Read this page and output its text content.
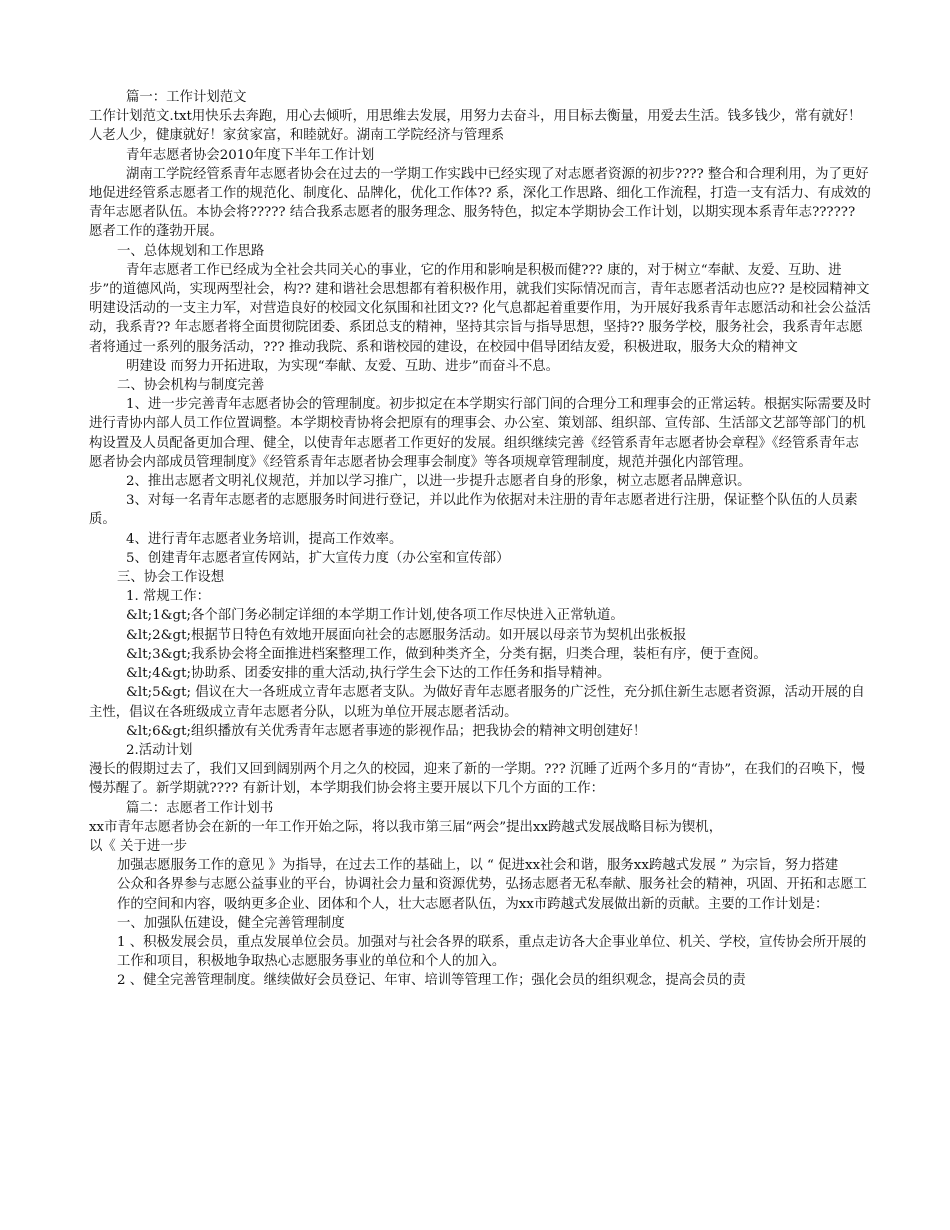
篇一：工作计划范文

工作计划范文.txt用快乐去奔跑，用心去倾听，用思维去发展，用努力去奋斗，用目标去衡量，用爱去生活。钱多钱少，常有就好！人老人少，健康就好！家贫家富，和睦就好。湖南工学院经济与管理系

青年志愿者协会2010年度下半年工作计划

湖南工学院经管系青年志愿者协会在过去的一学期工作实践中已经实现了对志愿者资源的初步???? 整合和合理利用，为了更好地促进经管系志愿者工作的规范化、制度化、品牌化，优化工作体?? 系，深化工作思路、细化工作流程，打造一支有活力、有成效的青年志愿者队伍。本协会将????? 结合我系志愿者的服务理念、服务特色，拟定本学期协会工作计划，以期实现本系青年志?????? 愿者工作的蓬勃开展。

一、总体规划和工作思路

青年志愿者工作已经成为全社会共同关心的事业，它的作用和影响是积极而健??? 康的，对于树立“奉献、友爱、互助、进步”的道德风尚，实现两型社会，构?? 建和谐社会思想都有着积极作用，就我们实际情况而言，青年志愿者活动也应?? 是校园精神文明建设活动的一支主力军，对营造良好的校园文化氛围和社团文?? 化气息都起着重要作用，为开展好我系青年志愿活动和社会公益活动，我系青?? 年志愿者将全面贯彻院团委、系团总支的精神，坚持其宗旨与指导思想，坚持?? 服务学校，服务社会，我系青年志愿者将通过一系列的服务活动，??? 推动我院、系和谐校园的建设，在校园中倡导团结友爱，积极进取，服务大众的精神文

明建设 而努力开拓进取，为实现“奉献、友爱、互助、进步”而奋斗不息。

二、协会机构与制度完善

1、进一步完善青年志愿者协会的管理制度。初步拟定在本学期实行部门间的合理分工和理事会的正常运转。根据实际需要及时进行青协内部人员工作位置调整。本学期校青协将会把原有的理事会、办公室、策划部、组织部、宣传部、生活部文艺部等部门的机构设置及人员配备更加合理、健全，以使青年志愿者工作更好的发展。组织继续完善《经管系青年志愿者协会章程》《经管系青年志愿者协会内部成员管理制度》《经管系青年志愿者协会理事会制度》等各项规章管理制度，规范并强化内部管理。

2、推出志愿者文明礼仪规范，并加以学习推广，以进一步提升志愿者自身的形象，树立志愿者品牌意识。

3、对每一名青年志愿者的志愿服务时间进行登记，并以此作为依据对未注册的青年志愿者进行注册，保证整个队伍的人员素质。

4、进行青年志愿者业务培训，提高工作效率。

5、创建青年志愿者宣传网站，扩大宣传力度（办公室和宣传部）

三、协会工作设想

1. 常规工作：

&lt;1&gt;各个部门务必制定详细的本学期工作计划,使各项工作尽快进入正常轨道。

&lt;2&gt;根据节日特色有效地开展面向社会的志愿服务活动。如开展以母亲节为契机出张板报

&lt;3&gt;我系协会将全面推进档案整理工作，做到种类齐全，分类有据，归类合理，装柜有序，便于查阅。

&lt;4&gt;协助系、团委安排的重大活动,执行学生会下达的工作任务和指导精神。

&lt;5&gt; 倡议在大一各班成立青年志愿者支队。为做好青年志愿者服务的广泛性，充分抓住新生志愿者资源，活动开展的自主性，倡议在各班级成立青年志愿者分队，以班为单位开展志愿者活动。

&lt;6&gt;组织播放有关优秀青年志愿者事迹的影视作品；把我协会的精神文明创建好！

2.活动计划

漫长的假期过去了，我们又回到阔别两个月之久的校园，迎来了新的一学期。??? 沉睡了近两个多月的“青协”，在我们的召唤下，慢慢苏醒了。新学期就???? 有新计划，本学期我们协会将主要开展以下几个方面的工作：

篇二：志愿者工作计划书

xx市青年志愿者协会在新的一年工作开始之际，将以我市第三届“两会”提出xx跨越式发展战略目标为锲机，

以《 关于进一步

加强志愿服务工作的意见 》为指导，在过去工作的基础上，以 “ 促进xx社会和谐，服务xx跨越式发展 ” 为宗旨，努力搭建

公众和各界参与志愿公益事业的平台，协调社会力量和资源优势，弘扬志愿者无私奉献、服务社会的精神，巩固、开拓和志愿工

作的空间和内容，吸纳更多企业、团体和个人，壮大志愿者队伍，为xx市跨越式发展做出新的贡献。主要的工作计划是：

一、加强队伍建设，健全完善管理制度

1 、积极发展会员，重点发展单位会员。加强对与社会各界的联系，重点走访各大企事业单位、机关、学校，宣传协会所开展的

工作和项目，积极地争取热心志愿服务事业的单位和个人的加入。

2 、健全完善管理制度。继续做好会员登记、年审、培训等管理工作；强化会员的组织观念，提高会员的责
